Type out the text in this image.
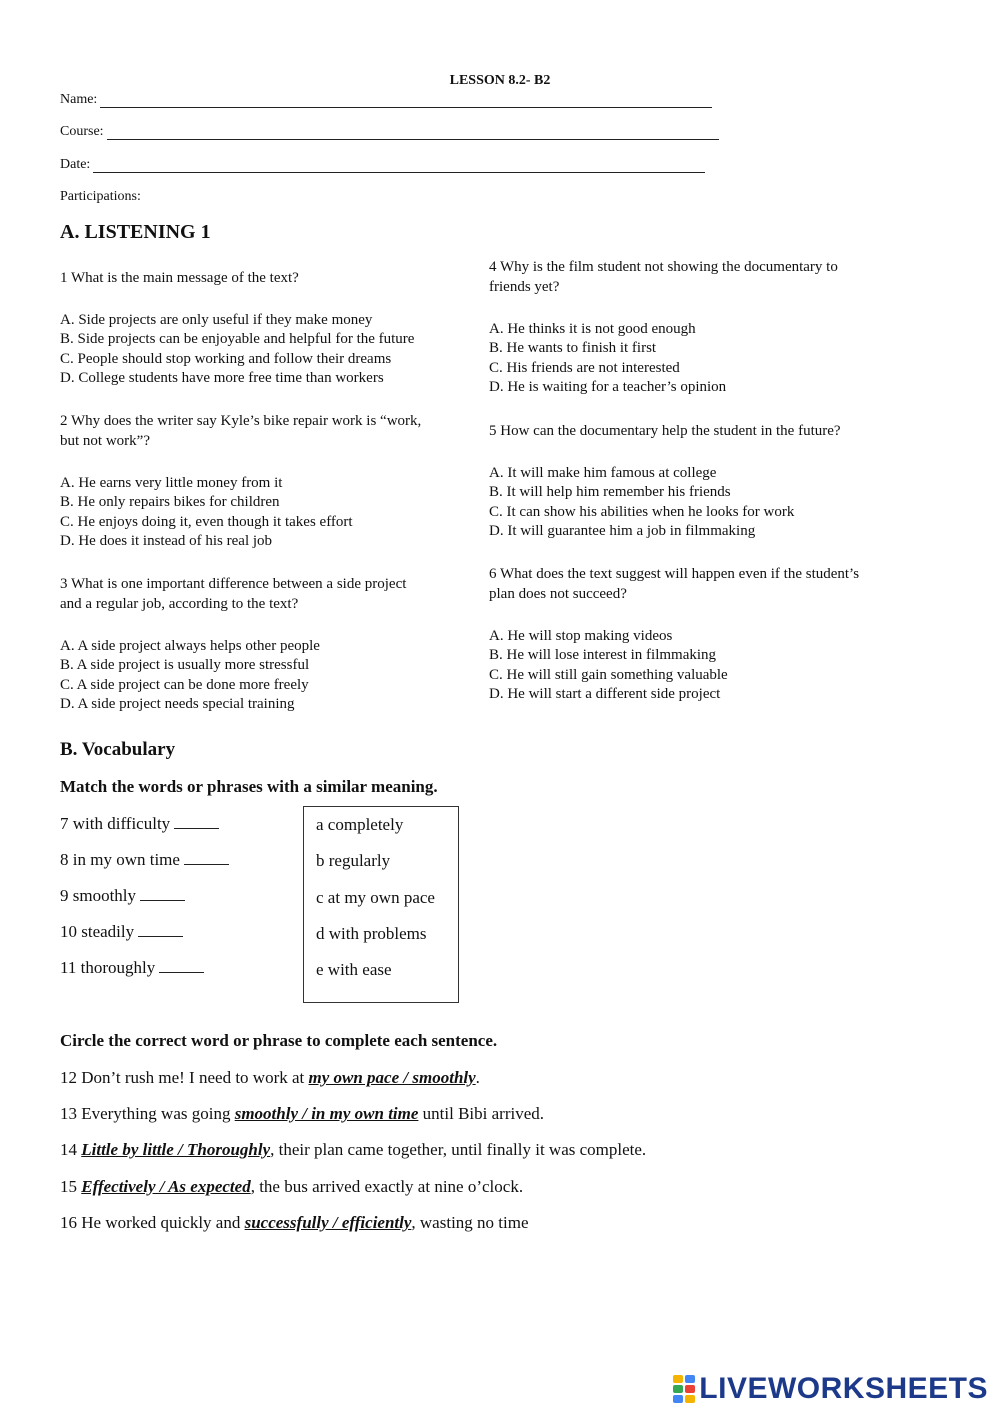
LESSON 8.2- B2
Name:
Course:
Date:
Participations:
A. LISTENING 1
1 What is the main message of the text?
A. Side projects are only useful if they make money
B. Side projects can be enjoyable and helpful for the future
C. People should stop working and follow their dreams
D. College students have more free time than workers
2 Why does the writer say Kyle’s bike repair work is “work,
but not work”?
A. He earns very little money from it
B. He only repairs bikes for children
C. He enjoys doing it, even though it takes effort
D. He does it instead of his real job
3 What is one important difference between a side project
and a regular job, according to the text?
A. A side project always helps other people
B. A side project is usually more stressful
C. A side project can be done more freely
D. A side project needs special training
4 Why is the film student not showing the documentary to
friends yet?
A. He thinks it is not good enough
B. He wants to finish it first
C. His friends are not interested
D. He is waiting for a teacher’s opinion
5 How can the documentary help the student in the future?
A. It will make him famous at college
B. It will help him remember his friends
C. It can show his abilities when he looks for work
D. It will guarantee him a job in filmmaking
6 What does the text suggest will happen even if the student’s
plan does not succeed?
A. He will stop making videos
B. He will lose interest in filmmaking
C. He will still gain something valuable
D. He will start a different side project
B. Vocabulary
Match the words or phrases with a similar meaning.
7 with difficulty
8 in my own time
9 smoothly
10 steadily
11 thoroughly
a completely
b regularly
c at my own pace
d with problems
e with ease
Circle the correct word or phrase to complete each sentence.
12 Don’t rush me! I need to work at my own pace / smoothly.
13 Everything was going smoothly / in my own time until Bibi arrived.
14 Little by little / Thoroughly, their plan came together, until finally it was complete.
15 Effectively / As expected, the bus arrived exactly at nine o’clock.
16 He worked quickly and successfully / efficiently, wasting no time
LIVEWORKSHEETS
